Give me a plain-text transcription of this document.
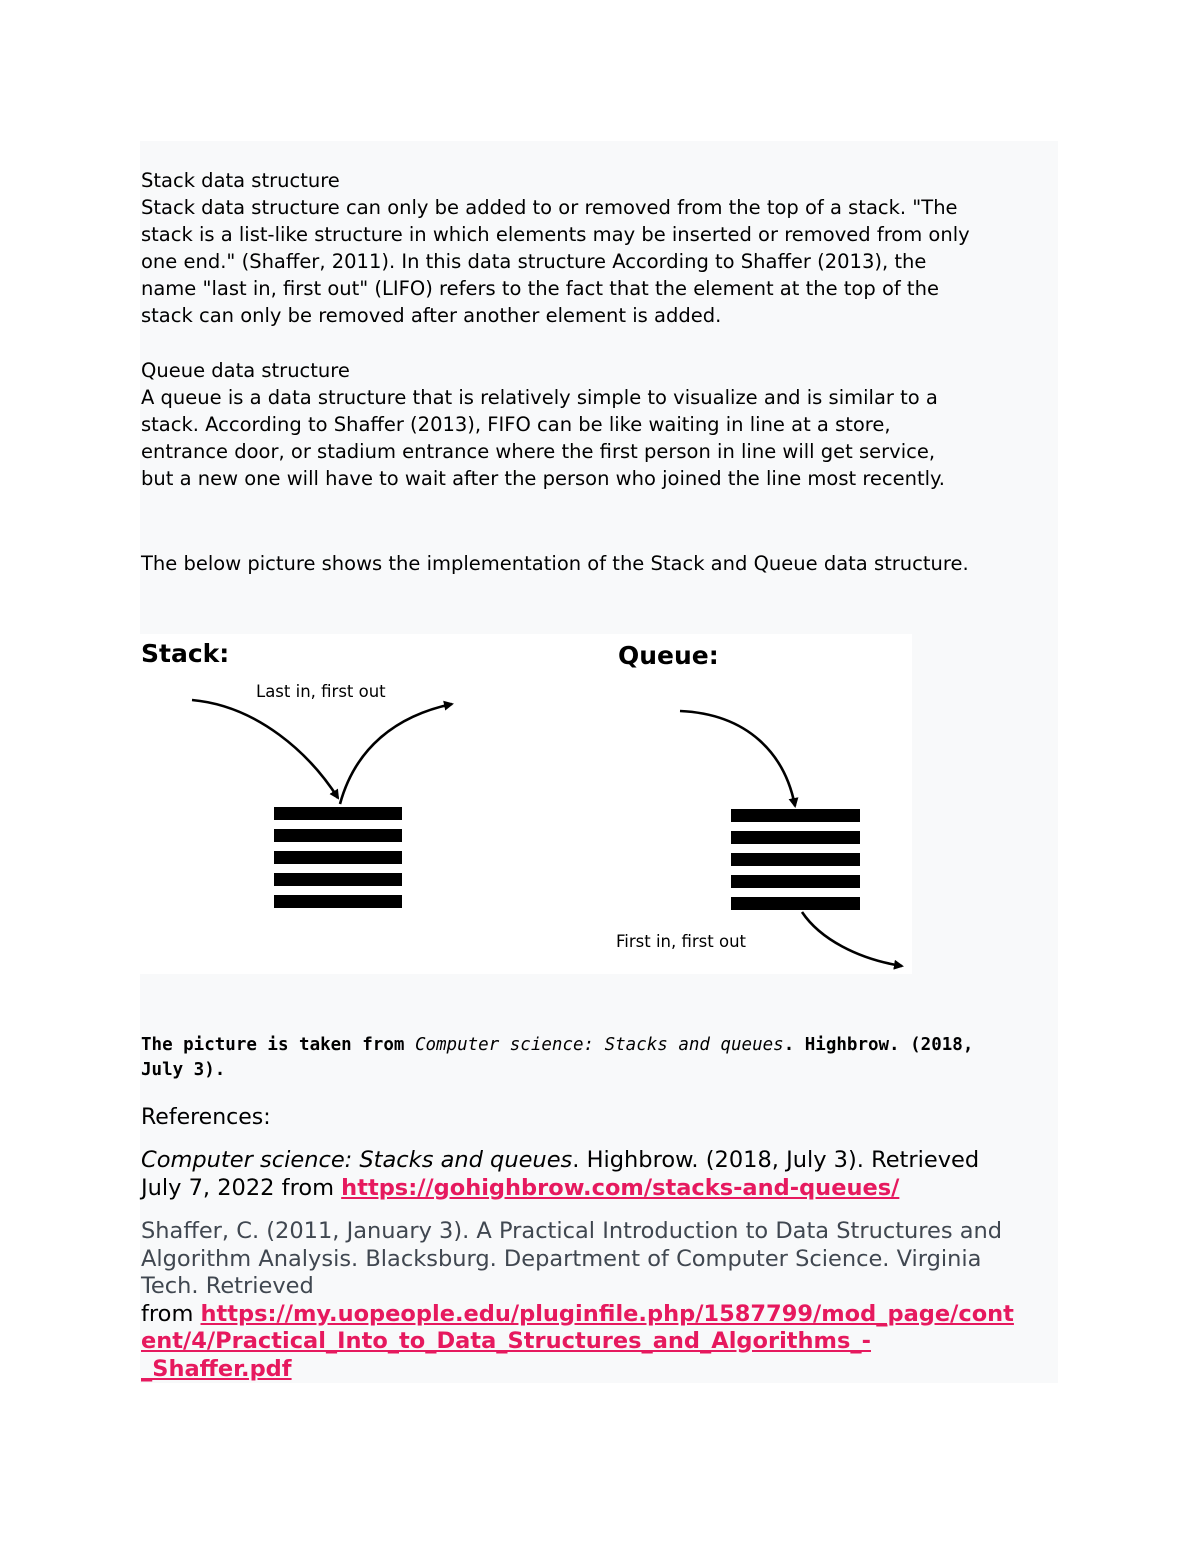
Stack data structure

Stack data structure can only be added to or removed from the top of a stack. "The

stack is a list-like structure in which elements may be inserted or removed from only

one end." (Shaffer, 2011). In this data structure According to Shaffer (2013), the

name "last in, first out" (LIFO) refers to the fact that the element at the top of the

stack can only be removed after another element is added.

Queue data structure

A queue is a data structure that is relatively simple to visualize and is similar to a

stack. According to Shaffer (2013), FIFO can be like waiting in line at a store,

entrance door, or stadium entrance where the first person in line will get service,

but a new one will have to wait after the person who joined the line most recently.

The below picture shows the implementation of the Stack and Queue data structure.

Stack:
Last in, first out
Queue:
First in, first out
The picture is taken from Computer science: Stacks and queues. Highbrow. (2018,
July 3).
References:
Computer science: Stacks and queues. Highbrow. (2018, July 3). Retrieved
July 7, 2022 from https://gohighbrow.com/stacks-and-queues/
Shaffer, C. (2011, January 3). A Practical Introduction to Data Structures and
Algorithm Analysis. Blacksburg. Department of Computer Science. Virginia
Tech. Retrieved
from https://my.uopeople.edu/pluginfile.php/1587799/mod_page/cont
ent/4/Practical_Into_to_Data_Structures_and_Algorithms_-
_Shaffer.pdf
